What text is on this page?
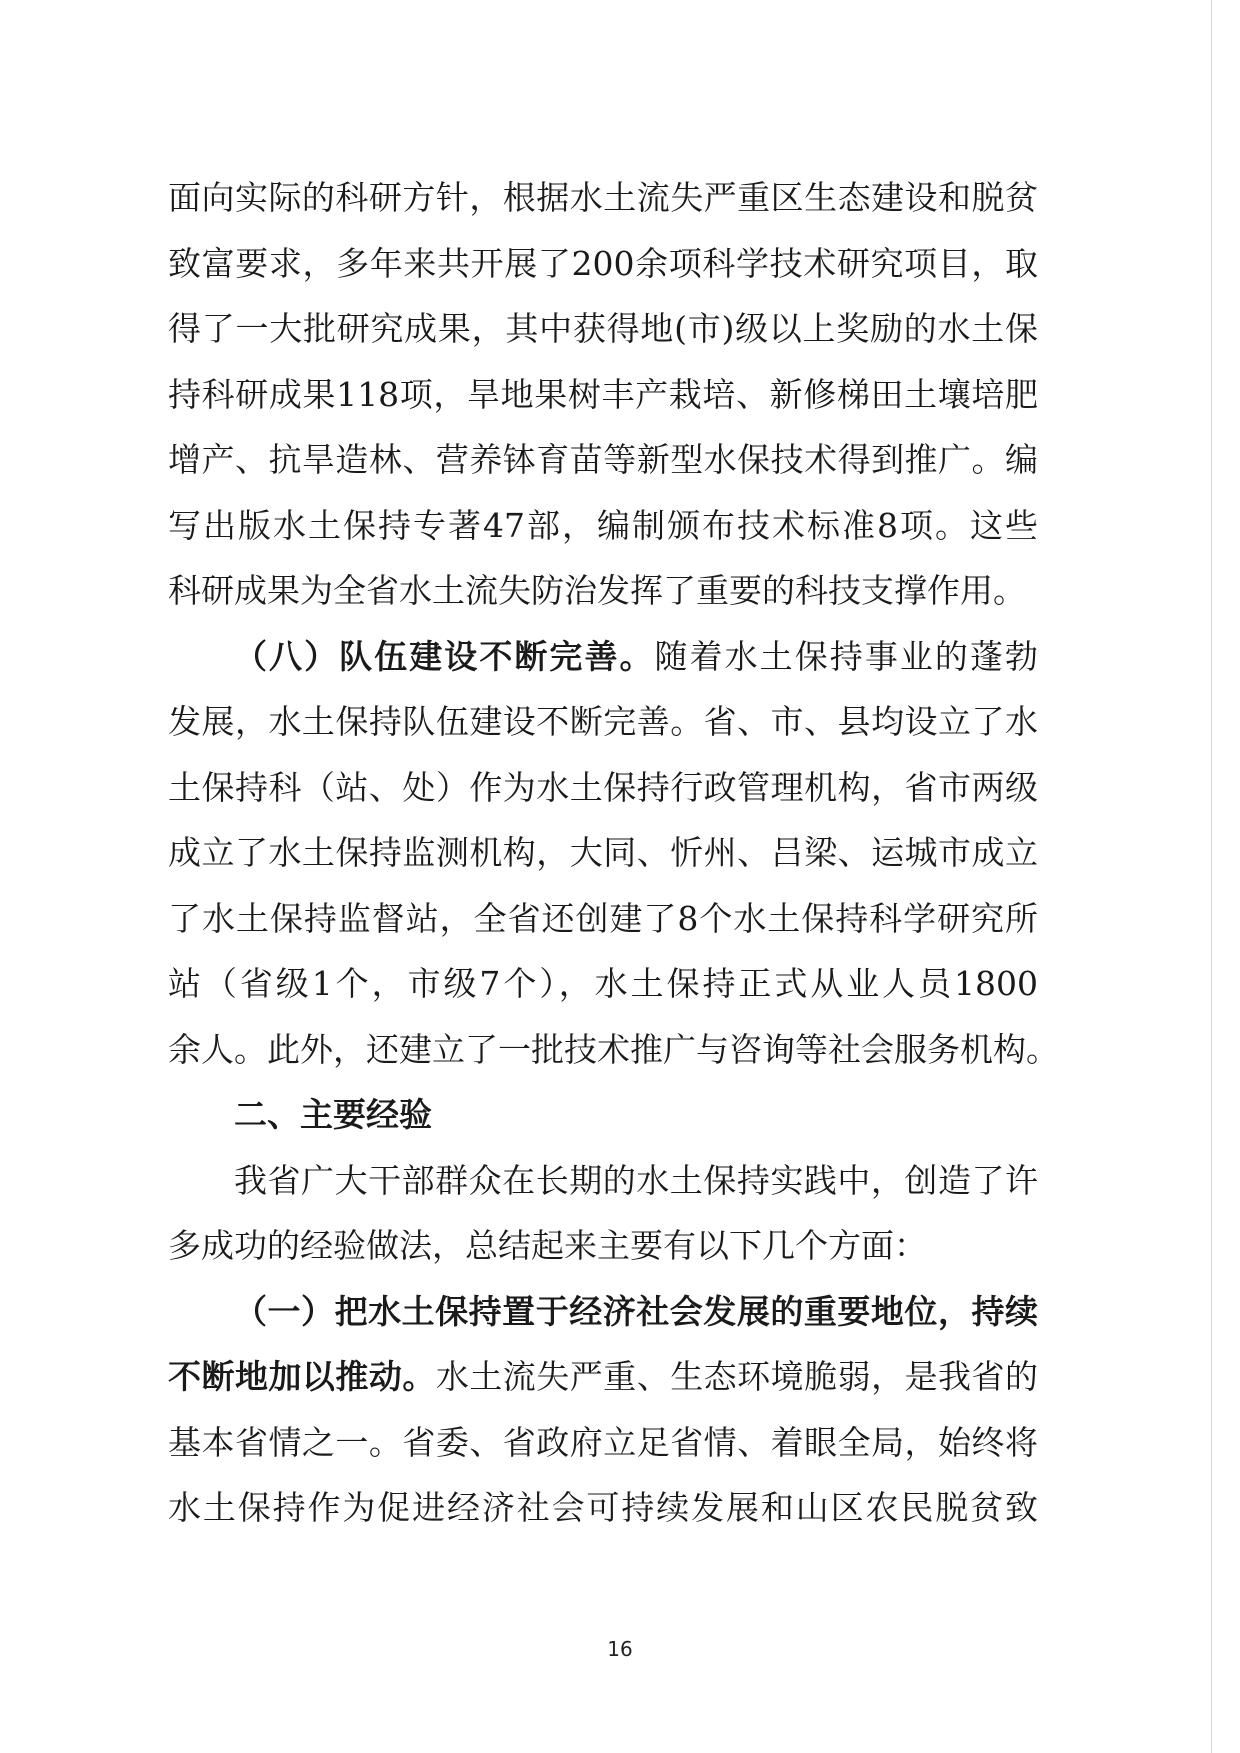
面向实际的科研方针，根据水土流失严重区生态建设和脱贫
致富要求，多年来共开展了200余项科学技术研究项目，取
得了一大批研究成果，其中获得地(市)级以上奖励的水土保
持科研成果118项，旱地果树丰产栽培、新修梯田土壤培肥
增产、抗旱造林、营养钵育苗等新型水保技术得到推广。编
写出版水土保持专著47部，编制颁布技术标准8项。这些
科研成果为全省水土流失防治发挥了重要的科技支撑作用。
（八）队伍建设不断完善。随着水土保持事业的蓬勃
发展，水土保持队伍建设不断完善。省、市、县均设立了水
土保持科（站、处）作为水土保持行政管理机构，省市两级
成立了水土保持监测机构，大同、忻州、吕梁、运城市成立
了水土保持监督站，全省还创建了8个水土保持科学研究所
站（省级1个，市级7个），水土保持正式从业人员1800
余人。此外，还建立了一批技术推广与咨询等社会服务机构。
二、主要经验
我省广大干部群众在长期的水土保持实践中，创造了许
多成功的经验做法，总结起来主要有以下几个方面：
（一）把水土保持置于经济社会发展的重要地位，持续
不断地加以推动。水土流失严重、生态环境脆弱，是我省的
基本省情之一。省委、省政府立足省情、着眼全局，始终将
水土保持作为促进经济社会可持续发展和山区农民脱贫致
16
